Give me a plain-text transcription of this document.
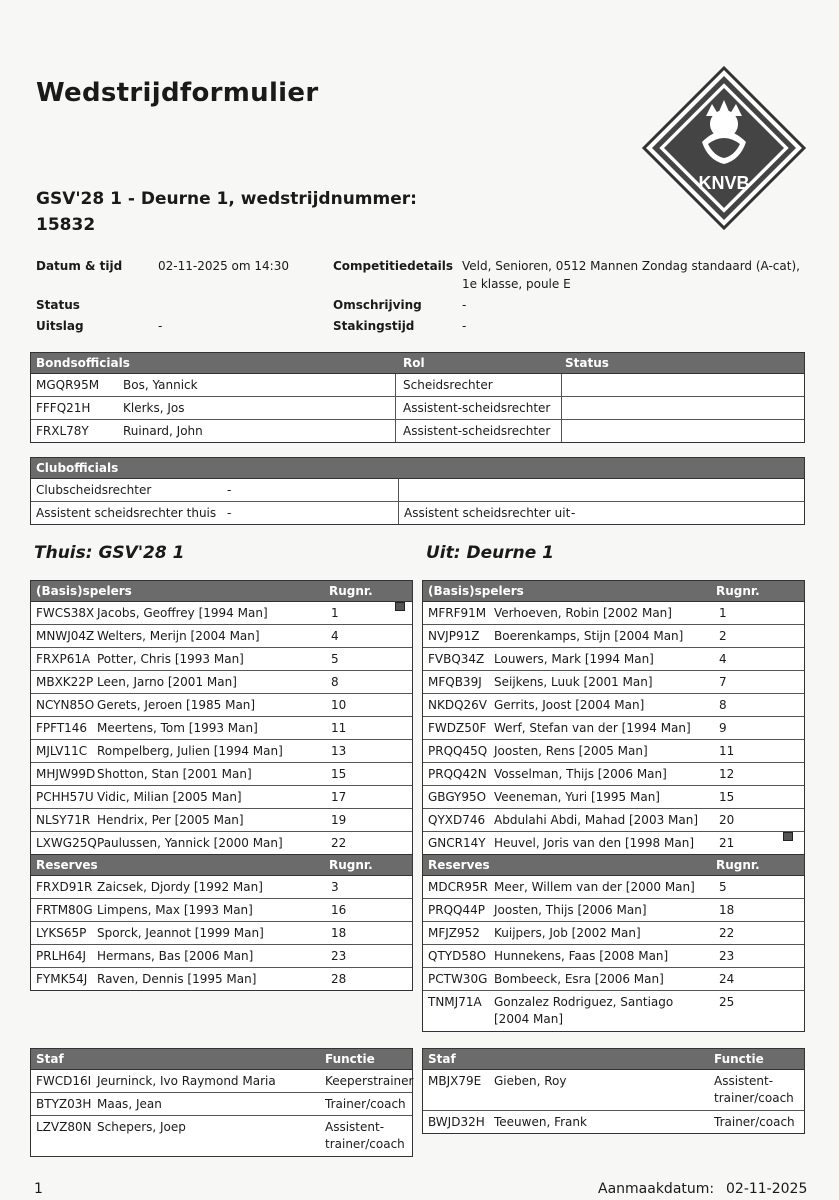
Wedstrijdformulier
GSV'28 1 - Deurne 1, wedstrijdnummer:
15832
KNVB
Datum & tijd	02-11-2025 om 14:30
Status
Uitslag	-
Competitiedetails Veld, Senioren, 0512 Mannen Zondag standaard (A-cat),
1e klasse, poule E
Omschrijving	-
Stakingstijd	-
Bondsofficials	Rol	Status
MGQR95M Bos, Yannick	Scheidsrechter
FFFQ21H	Klerks, Jos	Assistent-scheidsrechter
FRXL78Y	Ruinard, John	Assistent-scheidsrechter
Clubofficials
Clubscheidsrechter	-
Assistent scheidsrechter thuis -	Assistent scheidsrechter uit -
Thuis: GSV'28 1	Uit: Deurne 1
(Basis)spelers	Rugnr.
FWCS38X Jacobs, Geoffrey [1994 Man]	1
MNWJ04Z Welters, Merijn [2004 Man]	4
FRXP61A Potter, Chris [1993 Man]	5
MBXK22P Leen, Jarno [2001 Man]	8
NCYN85O Gerets, Jeroen [1985 Man]	10
FPFT146 Meertens, Tom [1993 Man]	11
MJLV11C Rompelberg, Julien [1994 Man]	13
MHJW99D Shotton, Stan [2001 Man]	15
PCHH57U Vidic, Milian [2005 Man]	17
NLSY71R Hendrix, Per [2005 Man]	19
LXWG25Q Paulussen, Yannick [2000 Man]	22
Reserves	Rugnr.
FRXD91R Zaicsek, Djordy [1992 Man]	3
FRTM80G Limpens, Max [1993 Man]	16
LYKS65P Sporck, Jeannot [1999 Man]	18
PRLH64J Hermans, Bas [2006 Man]	23
FYMK54J Raven, Dennis [1995 Man]	28
(Basis)spelers	Rugnr.
MFRF91M Verhoeven, Robin [2002 Man]	1
NVJP91Z Boerenkamps, Stijn [2004 Man]	2
FVBQ34Z Louwers, Mark [1994 Man]	4
MFQB39J Seijkens, Luuk [2001 Man]	7
NKDQ26V Gerrits, Joost [2004 Man]	8
FWDZ50F Werf, Stefan van der [1994 Man] 9
PRQQ45Q Joosten, Rens [2005 Man]	11
PRQQ42N Vosselman, Thijs [2006 Man]	12
GBGY95O Veeneman, Yuri [1995 Man]	15
QYXD746 Abdulahi Abdi, Mahad [2003 Man] 20
GNCR14Y Heuvel, Joris van den [1998 Man] 21
Reserves	Rugnr.
MDCR95R Meer, Willem van der [2000 Man] 5
PRQQ44P Joosten, Thijs [2006 Man]	18
MFJZ952 Kuijpers, Job [2002 Man]	22
QTYD58O Hunnekens, Faas [2008 Man]	23
PCTW30G Bombeeck, Esra [2006 Man]	24
TNMJ71A Gonzalez Rodriguez, Santiago
[2004 Man]
25
Staf	Functie
FWCD16I Jeurninck, Ivo Raymond Maria	Keeperstrainer
BTYZ03H Maas, Jean	Trainer/coach
LZVZ80N Schepers, Joep	Assistent-
trainer/coach
Staf	Functie
MBJX79E Gieben, Roy	Assistent-
trainer/coach
BWJD32H Teeuwen, Frank	Trainer/coach
1	Aanmaakdatum: 02-11-2025
